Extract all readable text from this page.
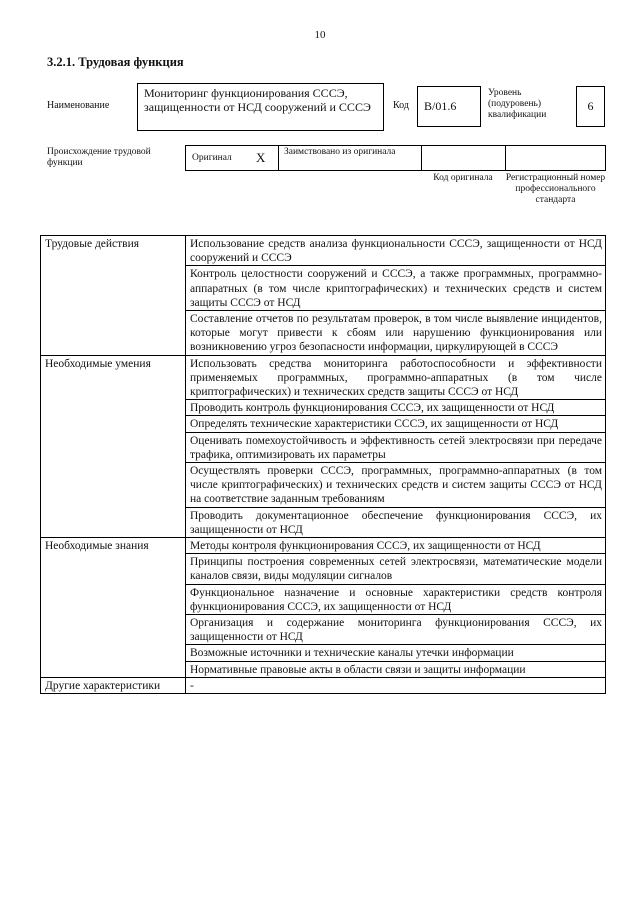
10
3.2.1. Трудовая функция
Наименование
Мониторинг функционирования СССЭ, защищенности от НСД сооружений и СССЭ	Код	В/01.6
Уровень (подуровень) квалификации
6
Происхождение трудовой функции	Оригинал X Заимствовано из оригинала
Код оригинала	Регистрационный номер профессионального стандарта
Трудовые действия	Использование средств анализа функциональности СССЭ, защищенности от НСД сооружений и СССЭ
	Контроль целостности сооружений и СССЭ, а также программных, программно-аппаратных (в том числе криптографических) и технических средств и систем защиты СССЭ от НСД
	Составление отчетов по результатам проверок, в том числе выявление инцидентов, которые могут привести к сбоям или нарушению функционирования или возникновению угроз безопасности информации, циркулирующей в СССЭ
Необходимые умения	Использовать средства мониторинга работоспособности и эффективности применяемых программных, программно-аппаратных (в том числе криптографических) и технических средств защиты СССЭ от НСД
	Проводить контроль функционирования СССЭ, их защищенности от НСД
	Определять технические характеристики СССЭ, их защищенности от НСД
	Оценивать помехоустойчивость и эффективность сетей электросвязи при передаче трафика, оптимизировать их параметры
	Осуществлять проверки СССЭ, программных, программно-аппаратных (в том числе криптографических) и технических средств и систем защиты СССЭ от НСД на соответствие заданным требованиям
	Проводить документационное обеспечение функционирования СССЭ, их защищенности от НСД
Необходимые знания	Методы контроля функционирования СССЭ, их защищенности от НСД
	Принципы построения современных сетей электросвязи, математические модели каналов связи, виды модуляции сигналов
	Функциональное назначение и основные характеристики средств контроля функционирования СССЭ, их защищенности от НСД
	Организация и содержание мониторинга функционирования СССЭ, их защищенности от НСД
	Возможные источники и технические каналы утечки информации
	Нормативные правовые акты в области связи и защиты информации
Другие характеристики	-
